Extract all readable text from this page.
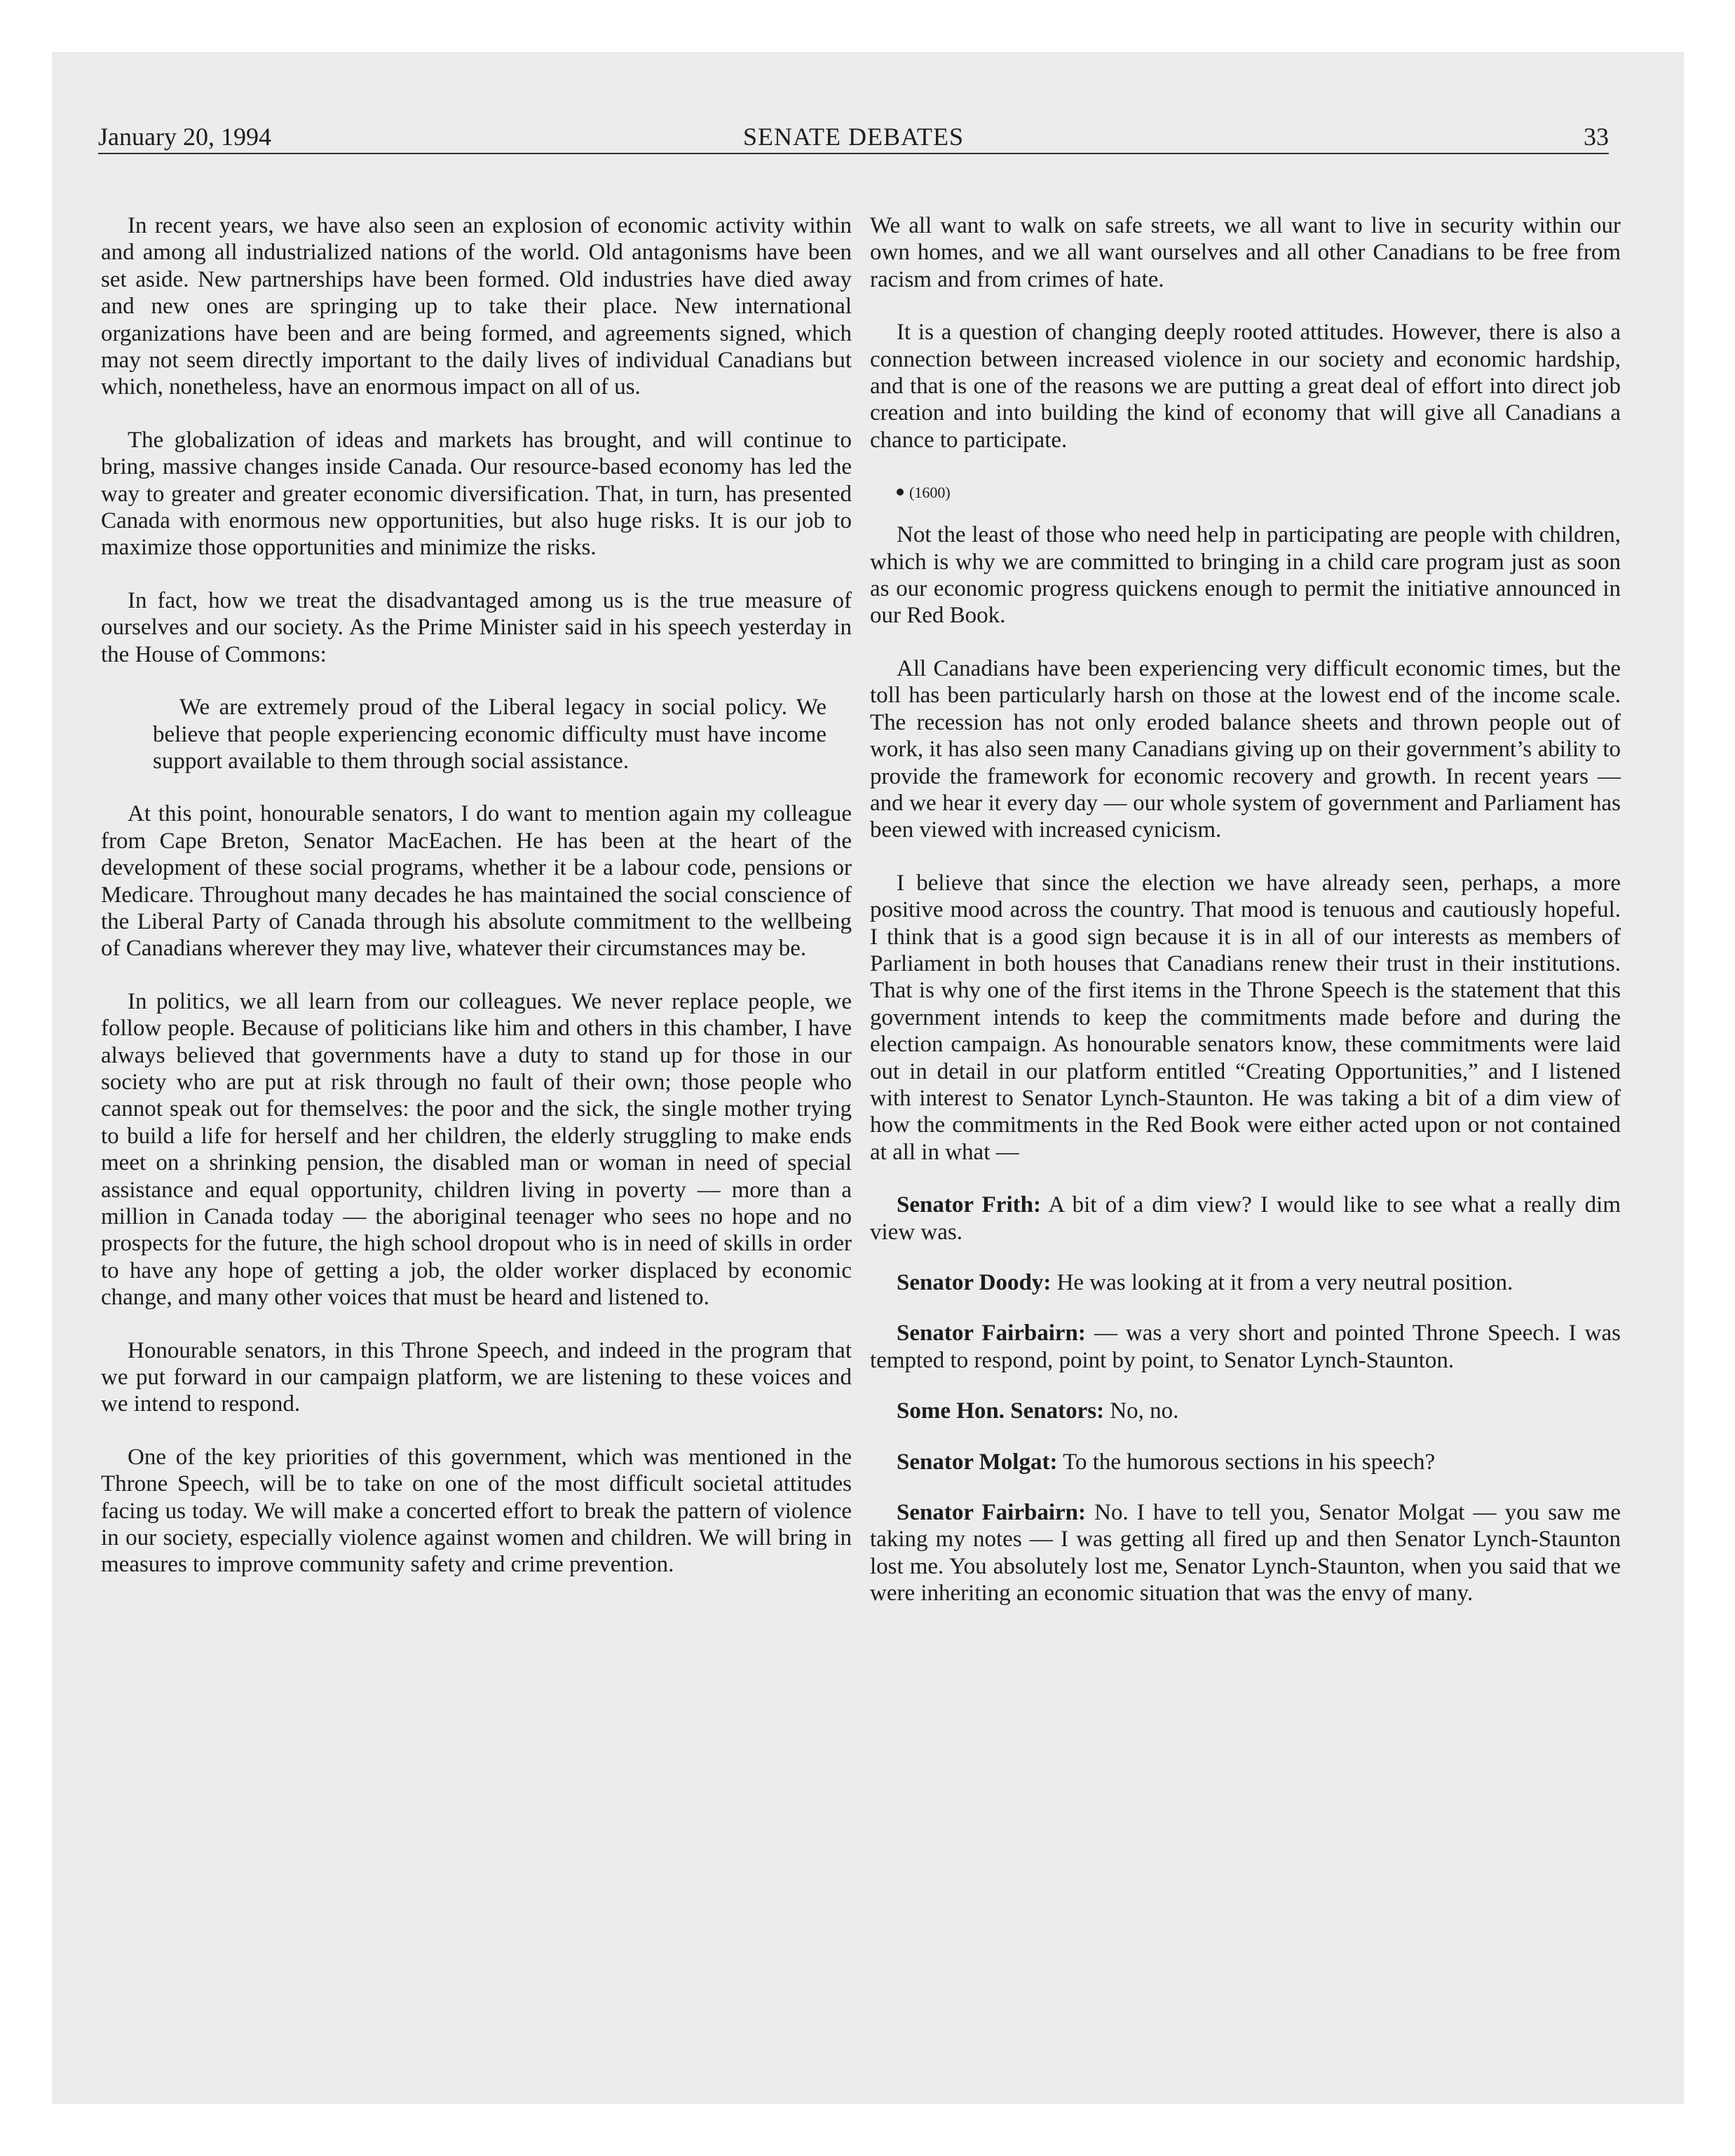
January 20, 1994	SENATE DEBATES	33

In recent years, we have also seen an explosion of economic activity within and among all industrialized nations of the world. Old antagonisms have been set aside. New partnerships have been formed. Old industries have died away and new ones are springing up to take their place. New international organizations have been and are being formed, and agreements signed, which may not seem directly important to the daily lives of individual Canadians but which, nonetheless, have an enormous impact on all of us.

The globalization of ideas and markets has brought, and will continue to bring, massive changes inside Canada. Our resource-based economy has led the way to greater and greater economic diversification. That, in turn, has presented Canada with enormous new opportunities, but also huge risks. It is our job to maximize those opportunities and minimize the risks.

In fact, how we treat the disadvantaged among us is the true measure of ourselves and our society. As the Prime Minister said in his speech yesterday in the House of Commons:

We are extremely proud of the Liberal legacy in social policy. We believe that people experiencing economic difficulty must have income support available to them through social assistance.

At this point, honourable senators, I do want to mention again my colleague from Cape Breton, Senator MacEachen. He has been at the heart of the development of these social programs, whether it be a labour code, pensions or Medicare. Throughout many decades he has maintained the social conscience of the Liberal Party of Canada through his absolute commitment to the wellbeing of Canadians wherever they may live, whatever their circumstances may be.

In politics, we all learn from our colleagues. We never replace people, we follow people. Because of politicians like him and others in this chamber, I have always believed that governments have a duty to stand up for those in our society who are put at risk through no fault of their own; those people who cannot speak out for themselves: the poor and the sick, the single mother trying to build a life for herself and her children, the elderly struggling to make ends meet on a shrinking pension, the disabled man or woman in need of special assistance and equal opportunity, children living in poverty — more than a million in Canada today — the aboriginal teenager who sees no hope and no prospects for the future, the high school dropout who is in need of skills in order to have any hope of getting a job, the older worker displaced by economic change, and many other voices that must be heard and listened to.

Honourable senators, in this Throne Speech, and indeed in the program that we put forward in our campaign platform, we are listening to these voices and we intend to respond.

One of the key priorities of this government, which was mentioned in the Throne Speech, will be to take on one of the most difficult societal attitudes facing us today. We will make a concerted effort to break the pattern of violence in our society, especially violence against women and children. We will bring in measures to improve community safety and crime prevention.

We all want to walk on safe streets, we all want to live in security within our own homes, and we all want ourselves and all other Canadians to be free from racism and from crimes of hate.

It is a question of changing deeply rooted attitudes. However, there is also a connection between increased violence in our society and economic hardship, and that is one of the reasons we are putting a great deal of effort into direct job creation and into building the kind of economy that will give all Canadians a chance to participate.

(1600)

Not the least of those who need help in participating are people with children, which is why we are committed to bringing in a child care program just as soon as our economic progress quickens enough to permit the initiative announced in our Red Book.

All Canadians have been experiencing very difficult economic times, but the toll has been particularly harsh on those at the lowest end of the income scale. The recession has not only eroded balance sheets and thrown people out of work, it has also seen many Canadians giving up on their government’s ability to provide the framework for economic recovery and growth. In recent years — and we hear it every day — our whole system of government and Parliament has been viewed with increased cynicism.

I believe that since the election we have already seen, perhaps, a more positive mood across the country. That mood is tenuous and cautiously hopeful. I think that is a good sign because it is in all of our interests as members of Parliament in both houses that Canadians renew their trust in their institutions. That is why one of the first items in the Throne Speech is the statement that this government intends to keep the commitments made before and during the election campaign. As honourable senators know, these commitments were laid out in detail in our platform entitled “Creating Opportunities,” and I listened with interest to Senator Lynch-Staunton. He was taking a bit of a dim view of how the commitments in the Red Book were either acted upon or not contained at all in what —

Senator Frith: A bit of a dim view? I would like to see what a really dim view was.

Senator Doody: He was looking at it from a very neutral position.

Senator Fairbairn: — was a very short and pointed Throne Speech. I was tempted to respond, point by point, to Senator Lynch-Staunton.

Some Hon. Senators: No, no.

Senator Molgat: To the humorous sections in his speech?

Senator Fairbairn: No. I have to tell you, Senator Molgat — you saw me taking my notes — I was getting all fired up and then Senator Lynch-Staunton lost me. You absolutely lost me, Senator Lynch-Staunton, when you said that we were inheriting an economic situation that was the envy of many.
